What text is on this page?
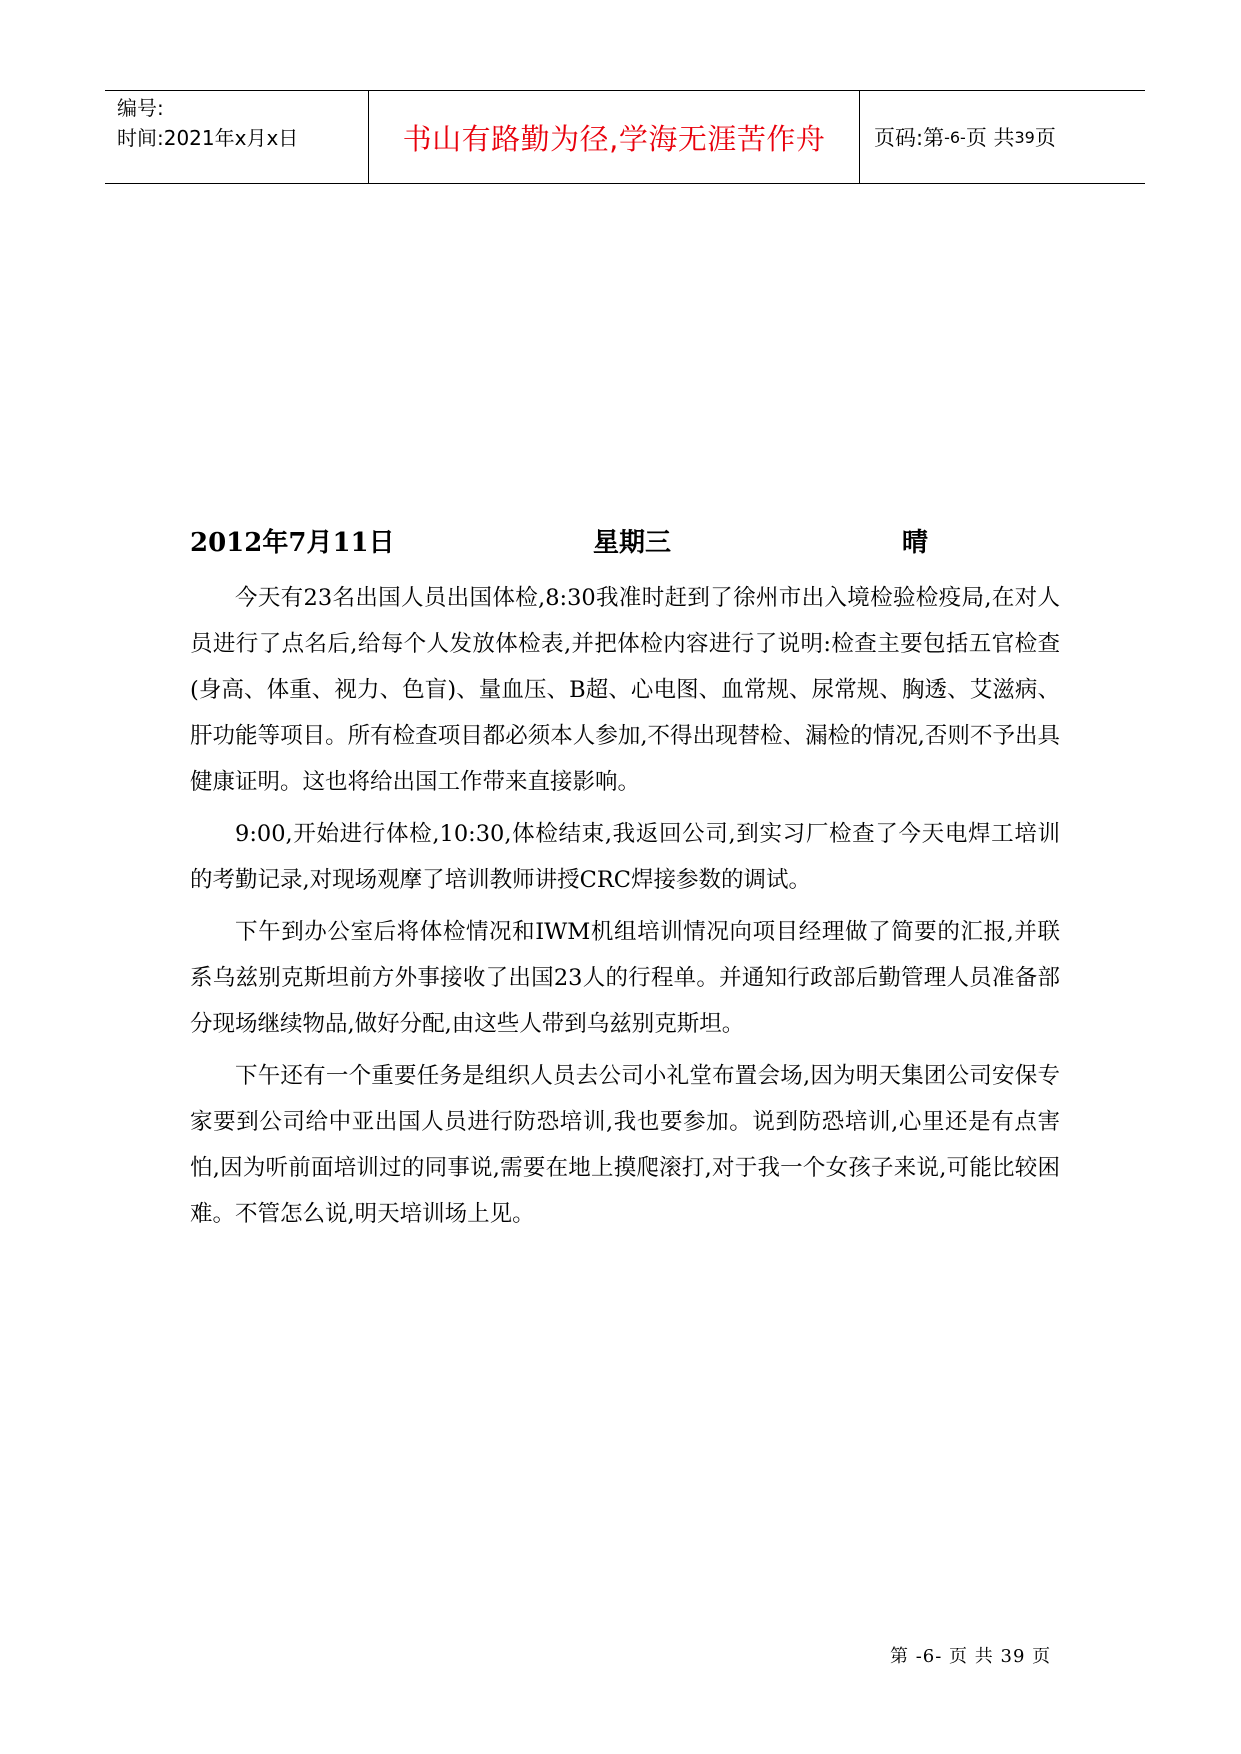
编号:
时间:2021年x月x日	书山有路勤为径,学海无涯苦作舟	页码:第 -6- 页 共 39 页
2012年7月11日	星期三	晴

今天有23名出国人员出国体检,8:30我准时赶到了徐州市出入境检验检疫局,在对人员进行了点名后,给每个人发放体检表,并把体检内容进行了说明:检查主要包括五官检查(身高、体重、视力、色盲)、量血压、B超、心电图、血常规、尿常规、胸透、艾滋病、肝功能等项目。所有检查项目都必须本人参加,不得出现替检、漏检的情况,否则不予出具健康证明。这也将给出国工作带来直接影响。

9:00,开始进行体检,10:30,体检结束,我返回公司,到实习厂检查了今天电焊工培训的考勤记录,对现场观摩了培训教师讲授CRC焊接参数的调试。

下午到办公室后将体检情况和IWM机组培训情况向项目经理做了简要的汇报,并联系乌兹别克斯坦前方外事接收了出国23人的行程单。并通知行政部后勤管理人员准备部分现场继续物品,做好分配,由这些人带到乌兹别克斯坦。

下午还有一个重要任务是组织人员去公司小礼堂布置会场,因为明天集团公司安保专家要到公司给中亚出国人员进行防恐培训,我也要参加。说到防恐培训,心里还是有点害怕,因为听前面培训过的同事说,需要在地上摸爬滚打,对于我一个女孩子来说,可能比较困难。不管怎么说,明天培训场上见。

第 -6- 页 共 39 页
